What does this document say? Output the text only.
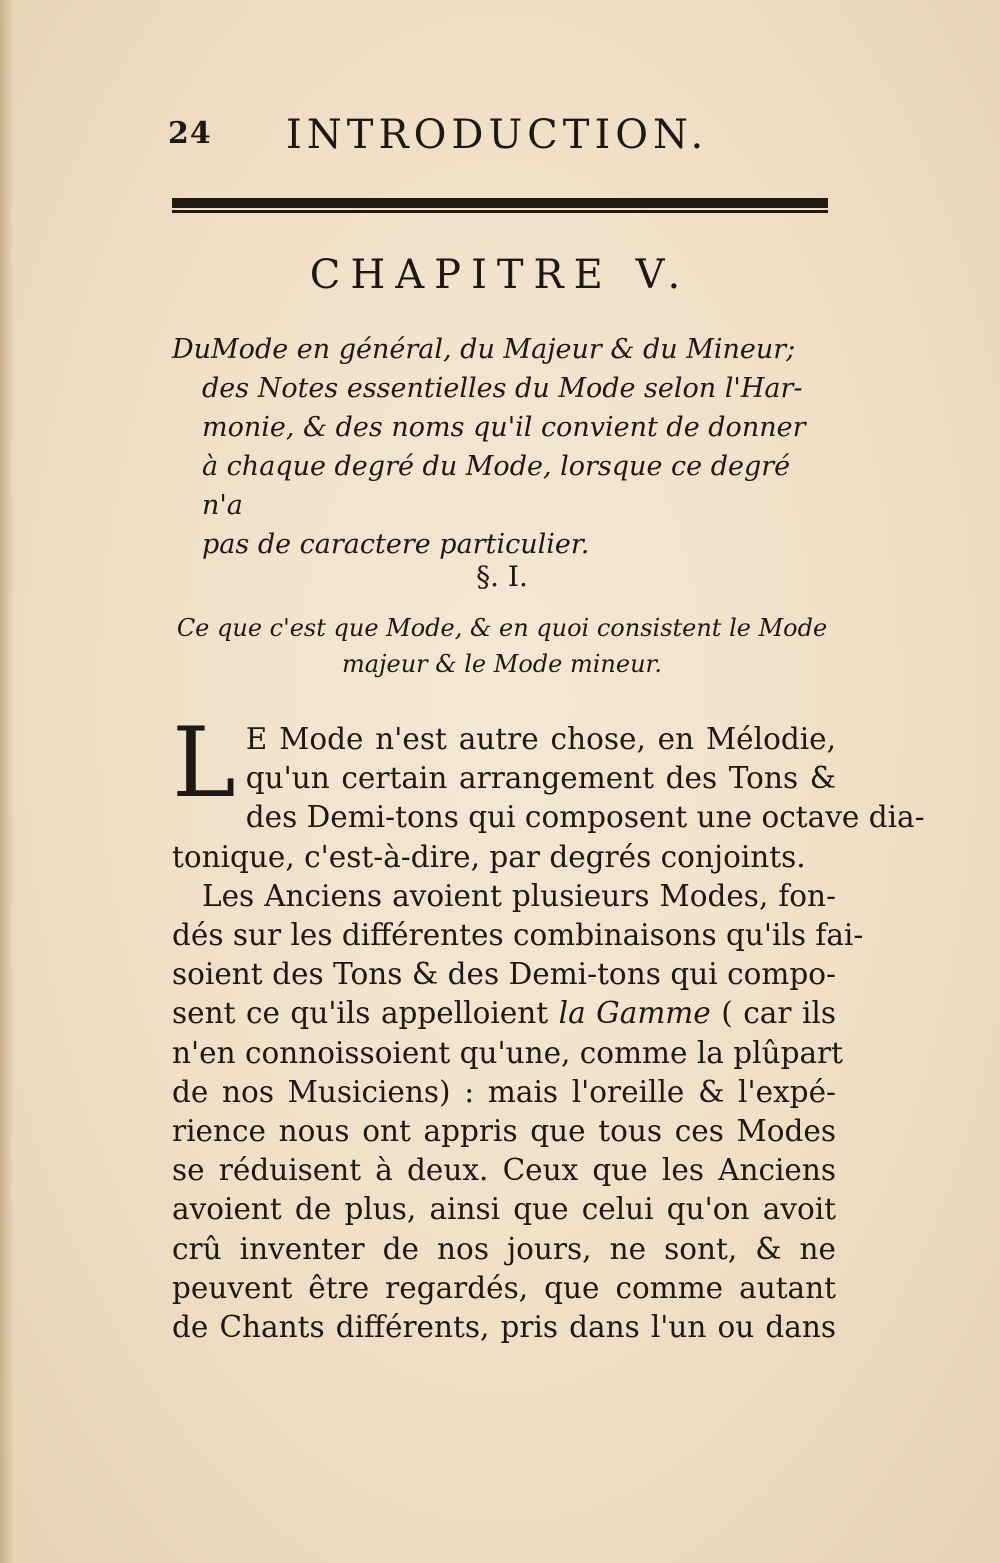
24 INTRODUCTION.
CHAPITRE V.

DuMode en général, du Majeur & du Mineur;
des Notes essentielles du Mode selon l'Har-
monie, & des noms qu'il convient de donner
à chaque degré du Mode, lorsque ce degré n'a
pas de caractere particulier.

§. I.
Ce que c'est que Mode, & en quoi consistent le Mode
majeur & le Mode mineur.
L E Mode n'est autre chose, en Mélodie,
qu'un certain arrangement des Tons &
des Demi-tons qui composent une octave dia-
tonique, c'est-à-dire, par degrés conjoints.
Les Anciens avoient plusieurs Modes, fon-
dés sur les différentes combinaisons qu'ils fai-
soient des Tons & des Demi-tons qui compo-
sent ce qu'ils appelloient la Gamme ( car ils
n'en connoissoient qu'une, comme la plûpart
de nos Musiciens) : mais l'oreille & l'expé-
rience nous ont appris que tous ces Modes
se réduisent à deux. Ceux que les Anciens
avoient de plus, ainsi que celui qu'on avoit
crû inventer de nos jours, ne sont, & ne
peuvent être regardés, que comme autant
de Chants différents, pris dans l'un ou dans
